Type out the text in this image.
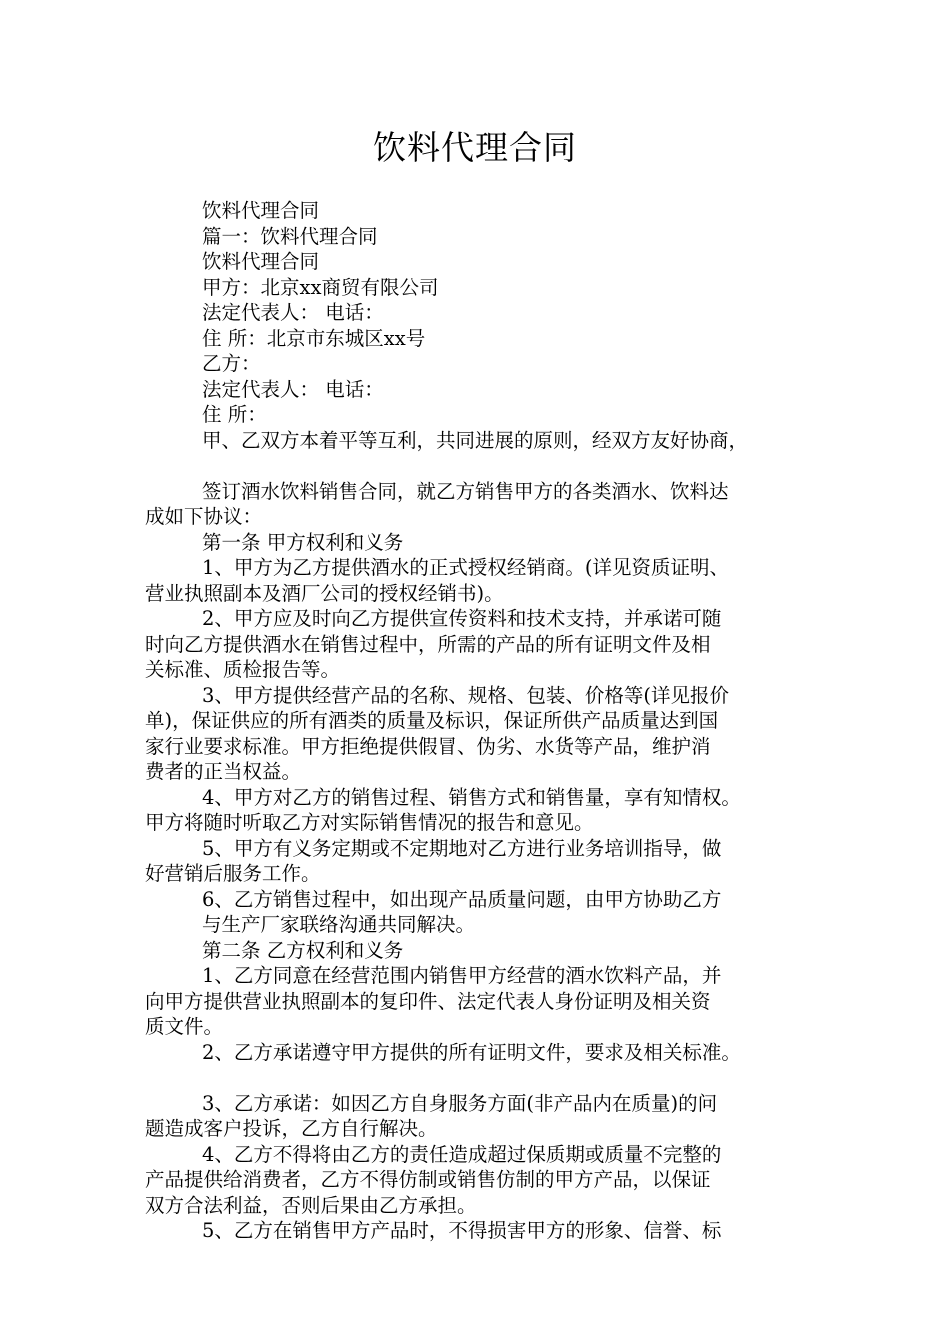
饮料代理合同
饮料代理合同
篇一：饮料代理合同
饮料代理合同
甲方：北京xx商贸有限公司
法定代表人： 电话：
住 所：北京市东城区xx号
乙方：
法定代表人： 电话：
住 所：
甲、乙双方本着平等互利，共同进展的原则，经双方友好协商，
签订酒水饮料销售合同，就乙方销售甲方的各类酒水、饮料达
成如下协议：
第一条 甲方权利和义务
1、甲方为乙方提供酒水的正式授权经销商。(详见资质证明、
营业执照副本及酒厂公司的授权经销书)。
2、甲方应及时向乙方提供宣传资料和技术支持，并承诺可随
时向乙方提供酒水在销售过程中，所需的产品的所有证明文件及相
关标准、质检报告等。
3、甲方提供经营产品的名称、规格、包装、价格等(详见报价
单)，保证供应的所有酒类的质量及标识，保证所供产品质量达到国
家行业要求标准。甲方拒绝提供假冒、伪劣、水货等产品，维护消
费者的正当权益。
4、甲方对乙方的销售过程、销售方式和销售量，享有知情权。
甲方将随时听取乙方对实际销售情况的报告和意见。
5、甲方有义务定期或不定期地对乙方进行业务培训指导，做
好营销后服务工作。
6、乙方销售过程中，如出现产品质量问题，由甲方协助乙方
与生产厂家联络沟通共同解决。
第二条 乙方权利和义务
1、乙方同意在经营范围内销售甲方经营的酒水饮料产品，并
向甲方提供营业执照副本的复印件、法定代表人身份证明及相关资
质文件。
2、乙方承诺遵守甲方提供的所有证明文件，要求及相关标准。
3、乙方承诺：如因乙方自身服务方面(非产品内在质量)的问
题造成客户投诉，乙方自行解决。
4、乙方不得将由乙方的责任造成超过保质期或质量不完整的
产品提供给消费者，乙方不得仿制或销售仿制的甲方产品，以保证
双方合法利益，否则后果由乙方承担。
5、乙方在销售甲方产品时，不得损害甲方的形象、信誉、标
